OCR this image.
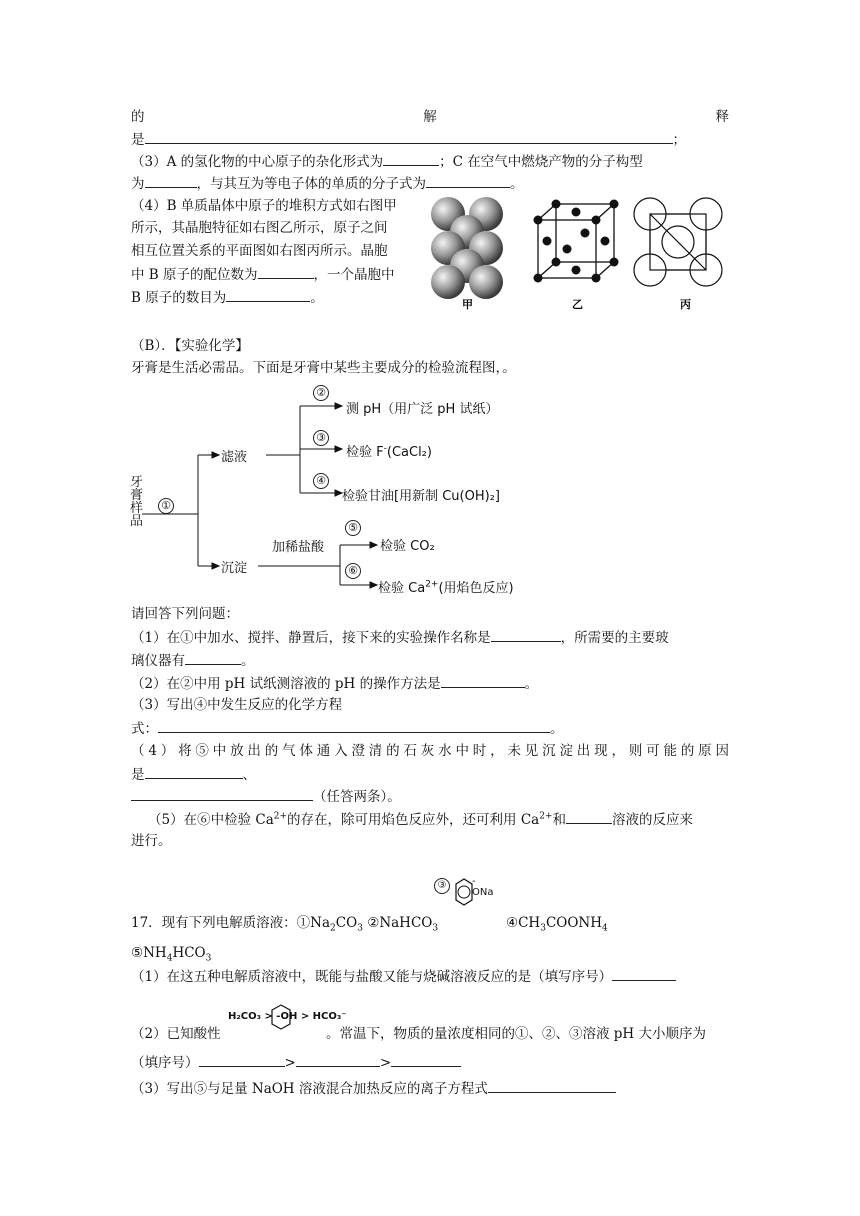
的	解	释
是	；
（3）A 的氢化物的中心原子的杂化形式为	；C 在空气中燃烧产物的分子构型
为	，与其互为等电子体的单质的分子式为	。
（4）B 单质晶体中原子的堆积方式如右图甲
所示，其晶胞特征如右图乙所示，原子之间
相互位置关系的平面图如右图丙所示。晶胞
中 B 原子的配位数为	，一个晶胞中
B 原子的数目为	。	甲	乙	丙
（B）．【实验化学】
牙膏是生活必需品。下面是牙膏中某些主要成分的检验流程图，。
牙膏样品
①
滤液
沉淀
②
③
④
测 pH（用广泛 pH 试纸）
检验 F-(CaCl₂)
检验甘油[用新制 Cu(OH)₂]
加稀盐酸
⑤
⑥
检验 CO₂
检验 $Ca^{2+}$(用焰色反应)
请回答下列问题：
（1）在①中加水、搅拌、静置后，接下来的实验操作名称是	，所需要的主要玻
璃仪器有	。
（2）在②中用 pH 试纸测溶液的 pH 的操作方法是	。
（3）写出④中发生反应的化学方程
式：	。
（4）将⑤中放出的气体通入澄清的石灰水中时，未见沉淀出现，则可能的原因
是	、
（任答两条）。
（5）在⑥中检验 $Ca^{2+}$的存在，除可用焰色反应外，还可利用 $Ca^{2+}$和	溶液的反应来
进行。
17．现有下列电解质溶液：$①Na_2CO_3$ ②NaHCO$_3$
③	-ONa
$④CH_3COONH_4$
$⑤NH_4HCO_3$
（1）在这五种电解质溶液中，既能与盐酸又能与烧碱溶液反应的是（填写序号）
（2）已知酸性
H₂CO₃ > -OH > HCO₃⁻
。常温下，物质的量浓度相同的①、②、③溶液 pH 大小顺序为
（填序号）	>	>
（3）写出⑤与足量 NaOH 溶液混合加热反应的离子方程式
